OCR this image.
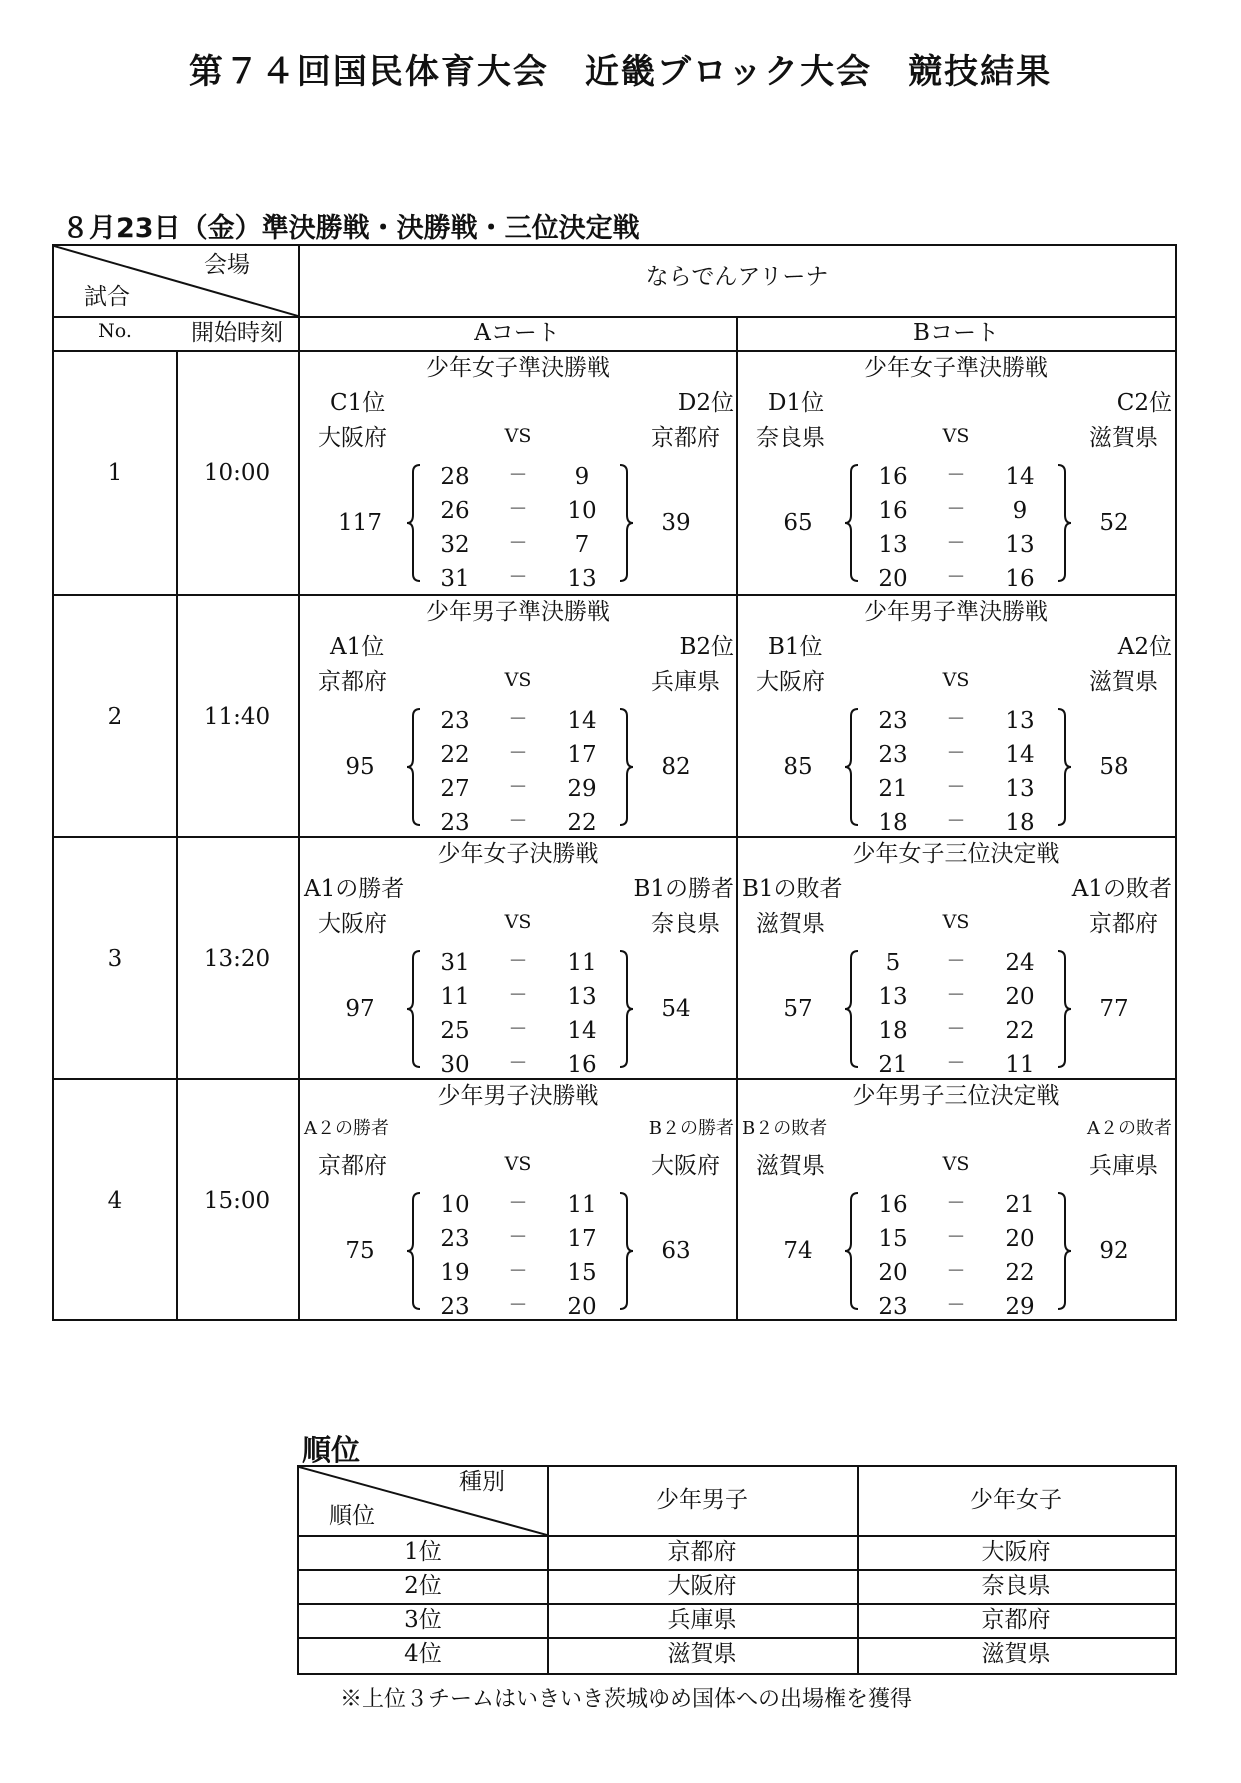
第７４回国民体育大会　近畿ブロック大会　競技結果
８月23日（金）準決勝戦・決勝戦・三位決定戦
会場
試合
ならでんアリーナ
No.	開始時刻	Aコート	Bコート
1	10:00
少年女子準決勝戦
C1位	D2位
大阪府	VS	京都府
117	39
28	－	9
26	－	10
32	－	7
31	－	13
少年女子準決勝戦
D1位	C2位
奈良県	VS	滋賀県
65	52
16	－	14
16	－	9
13	－	13
20	－	16
2	11:40
少年男子準決勝戦
A1位	B2位
京都府	VS	兵庫県
95	82
23	－	14
22	－	17
27	－	29
23	－	22
少年男子準決勝戦
B1位	A2位
大阪府	VS	滋賀県
85	58
23	－	13
23	－	14
21	－	13
18	－	18
3	13:20
少年女子決勝戦
A1の勝者	B1の勝者
大阪府	VS	奈良県
97	54
31	－	11
11	－	13
25	－	14
30	－	16
少年女子三位決定戦
B1の敗者	A1の敗者
滋賀県	VS	京都府
57	77
5	－	24
13	－	20
18	－	22
21	－	11
4	15:00
少年男子決勝戦
A２の勝者	B２の勝者
京都府	VS	大阪府
75	63
10	－	11
23	－	17
19	－	15
23	－	20
少年男子三位決定戦
B２の敗者	A２の敗者
滋賀県	VS	兵庫県
74	92
16	－	21
15	－	20
20	－	22
23	－	29
順位
種別
順位
少年男子	少年女子
1位	京都府	大阪府
2位	大阪府	奈良県
3位	兵庫県	京都府
4位	滋賀県	滋賀県
※上位３チームはいきいき茨城ゆめ国体への出場権を獲得
